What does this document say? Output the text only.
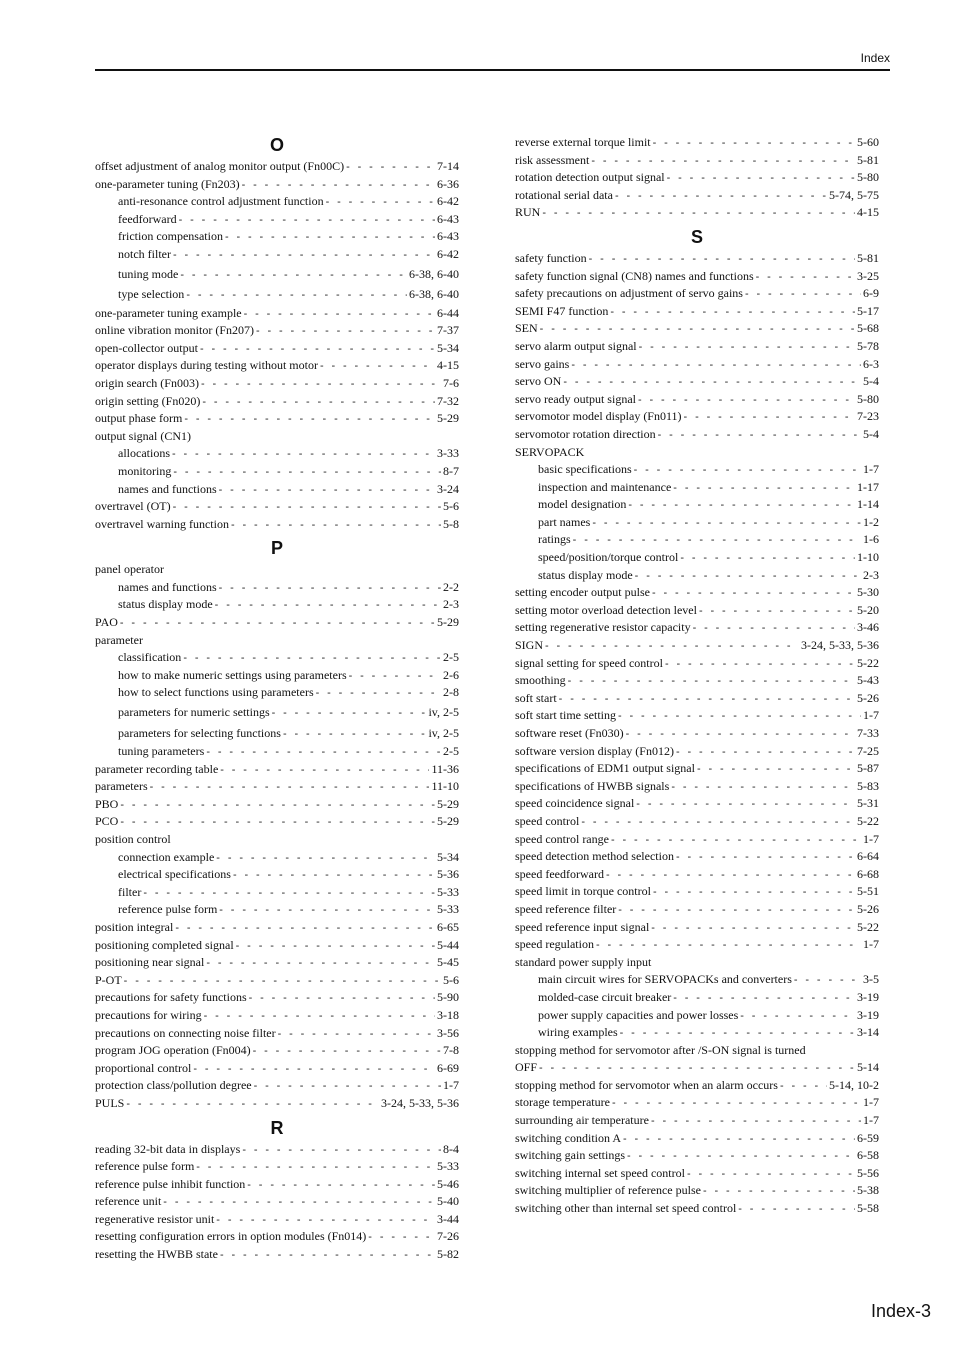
Index
O
offset adjustment of analog monitor output (Fn00C) - - -	7-14
one-parameter tuning (Fn203) - - -	6-36
anti-resonance control adjustment function - - -	6-42
feedforward - - -	6-43
friction compensation - - -	6-43
notch filter - - -	6-42
tuning mode - - -	6-38, 6-40
type selection - - -	6-38, 6-40
one-parameter tuning example - - -	6-44
online vibration monitor (Fn207) - - -	7-37
open-collector output - - -	5-34
operator displays during testing without motor - - -	4-15
origin search (Fn003) - - -	7-6
origin setting (Fn020) - - -	7-32
output phase form - - -	5-29
output signal (CN1)
allocations - - -	3-33
monitoring - - -	8-7
names and functions - - -	3-24
overtravel (OT) - - -	5-6
overtravel warning function - - -	5-8
P
panel operator
names and functions - - -	2-2
status display mode - - -	2-3
PAO - - -	5-29
parameter
classification - - -	2-5
how to make numeric settings using parameters - - -	2-6
how to select functions using parameters - - -	2-8
parameters for numeric settings - - -	iv, 2-5
parameters for selecting functions - - -	iv, 2-5
tuning parameters - - -	2-5
parameter recording table - - -	11-36
parameters - - -	11-10
PBO - - -	5-29
PCO - - -	5-29
position control
connection example - - -	5-34
electrical specifications - - -	5-36
filter - - -	5-33
reference pulse form - - -	5-33
position integral - - -	6-65
positioning completed signal - - -	5-44
positioning near signal - - -	5-45
P-OT - - -	5-6
precautions for safety functions - - -	5-90
precautions for wiring - - -	3-18
precautions on connecting noise filter - - -	3-56
program JOG operation (Fn004) - - -	7-8
proportional control - - -	6-69
protection class/pollution degree - - -	1-7
PULS - - -	3-24, 5-33, 5-36
R
reading 32-bit data in displays - - -	8-4
reference pulse form - - -	5-33
reference pulse inhibit function - - -	5-46
reference unit - - -	5-40
regenerative resistor unit - - -	3-44
resetting configuration errors in option modules (Fn014) - - -	7-26
resetting the HWBB state - - -	5-82
reverse external torque limit - - -	5-60
risk assessment - - -	5-81
rotation detection output signal - - -	5-80
rotational serial data - - -	5-74, 5-75
RUN - - -	4-15
S
safety function - - -	5-81
safety function signal (CN8) names and functions - - -	3-25
safety precautions on adjustment of servo gains - - -	6-9
SEMI F47 function - - -	5-17
SEN - - -	5-68
servo alarm output signal - - -	5-78
servo gains - - -	6-3
servo ON - - -	5-4
servo ready output signal - - -	5-80
servomotor model display (Fn011) - - -	7-23
servomotor rotation direction - - -	5-4
SERVOPACK
basic specifications - - -	1-7
inspection and maintenance - - -	1-17
model designation - - -	1-14
part names - - -	1-2
ratings - - -	1-6
speed/position/torque control - - -	1-10
status display mode - - -	2-3
setting encoder output pulse - - -	5-30
setting motor overload detection level - - -	5-20
setting regenerative resistor capacity - - -	3-46
SIGN - - -	3-24, 5-33, 5-36
signal setting for speed control - - -	5-22
smoothing - - -	5-43
soft start - - -	5-26
soft start time setting - - -	1-7
software reset (Fn030) - - -	7-33
software version display (Fn012) - - -	7-25
specifications of EDM1 output signal - - -	5-87
specifications of HWBB signals - - -	5-83
speed coincidence signal - - -	5-31
speed control - - -	5-22
speed control range - - -	1-7
speed detection method selection - - -	6-64
speed feedforward - - -	6-68
speed limit in torque control - - -	5-51
speed reference filter - - -	5-26
speed reference input signal - - -	5-22
speed regulation - - -	1-7
standard power supply input
main circuit wires for SERVOPACKs and converters - - -	3-5
molded-case circuit breaker - - -	3-19
power supply capacities and power losses - - -	3-19
wiring examples - - -	3-14
stopping method for servomotor after /S-ON signal is turned
OFF - - -	5-14
stopping method for servomotor when an alarm occurs - - -	5-14, 10-2
storage temperature - - -	1-7
surrounding air temperature - - -	1-7
switching condition A - - -	6-59
switching gain settings - - -	6-58
switching internal set speed control - - -	5-56
switching multiplier of reference pulse - - -	5-38
switching other than internal set speed control - - -	5-58
Index-3
